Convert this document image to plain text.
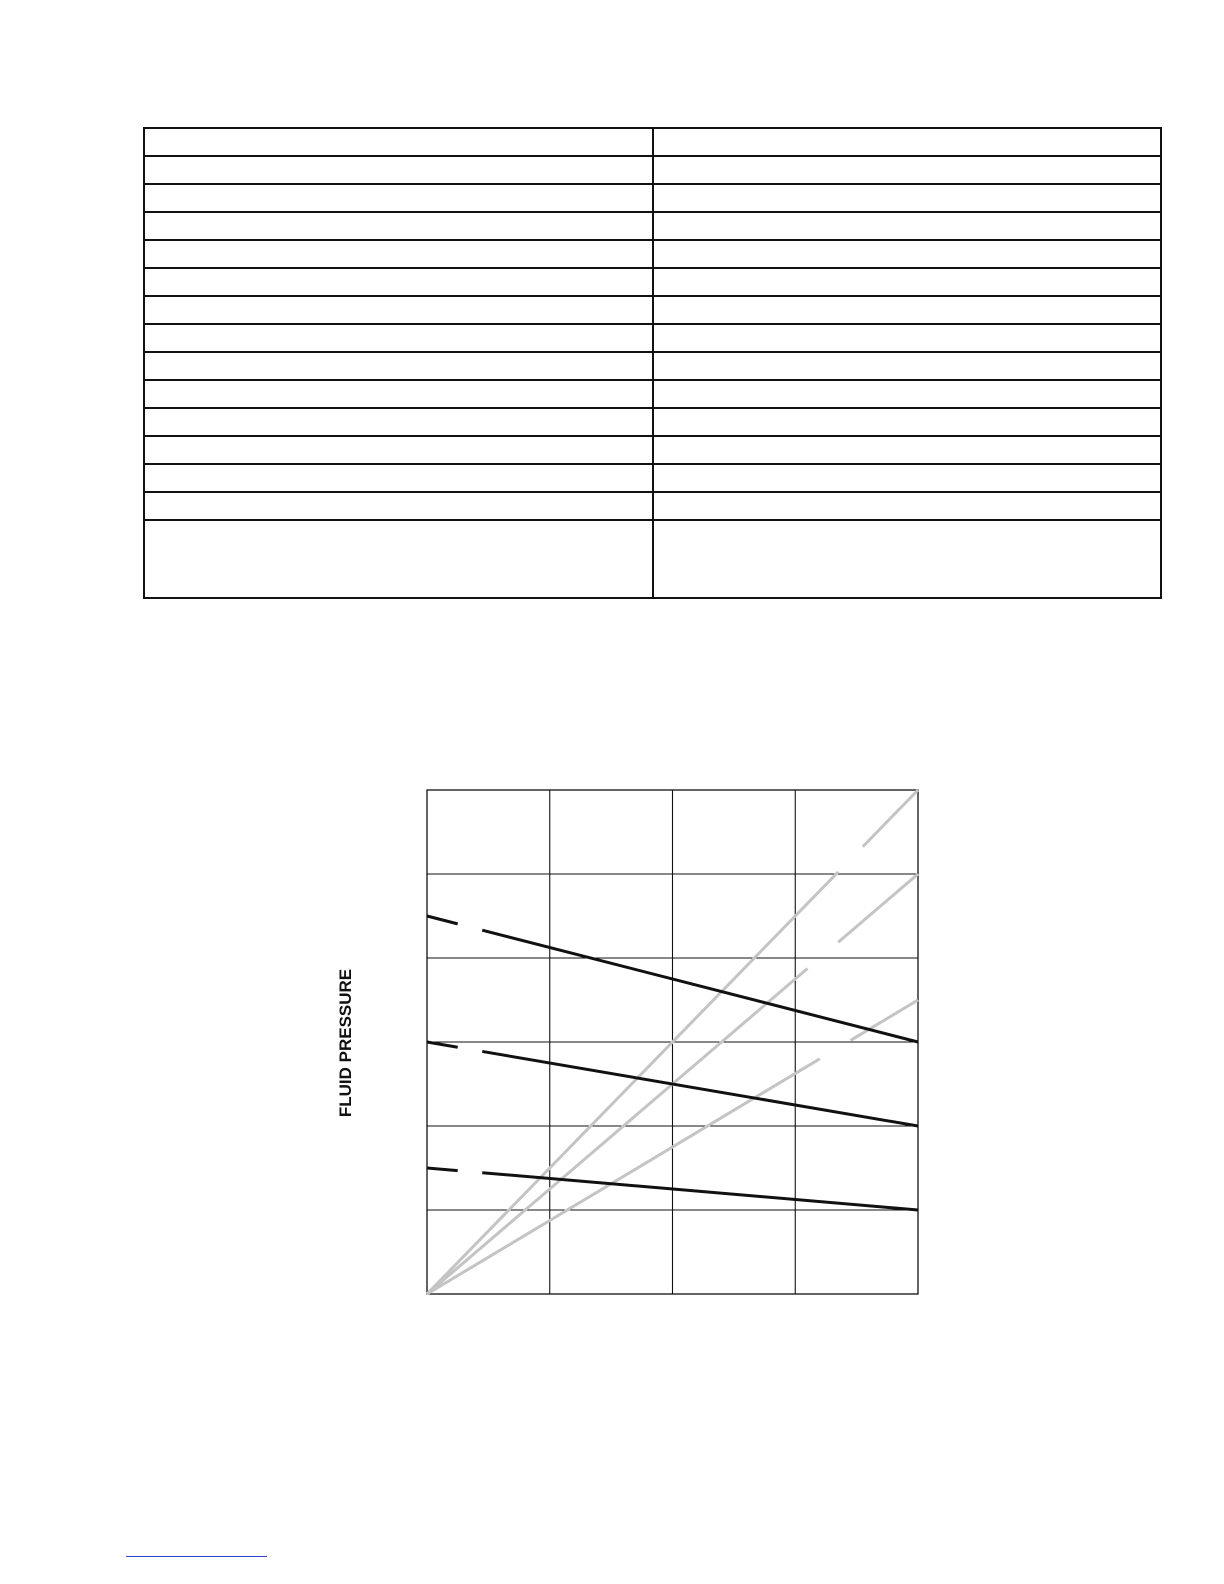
FLUID PRESSURE
